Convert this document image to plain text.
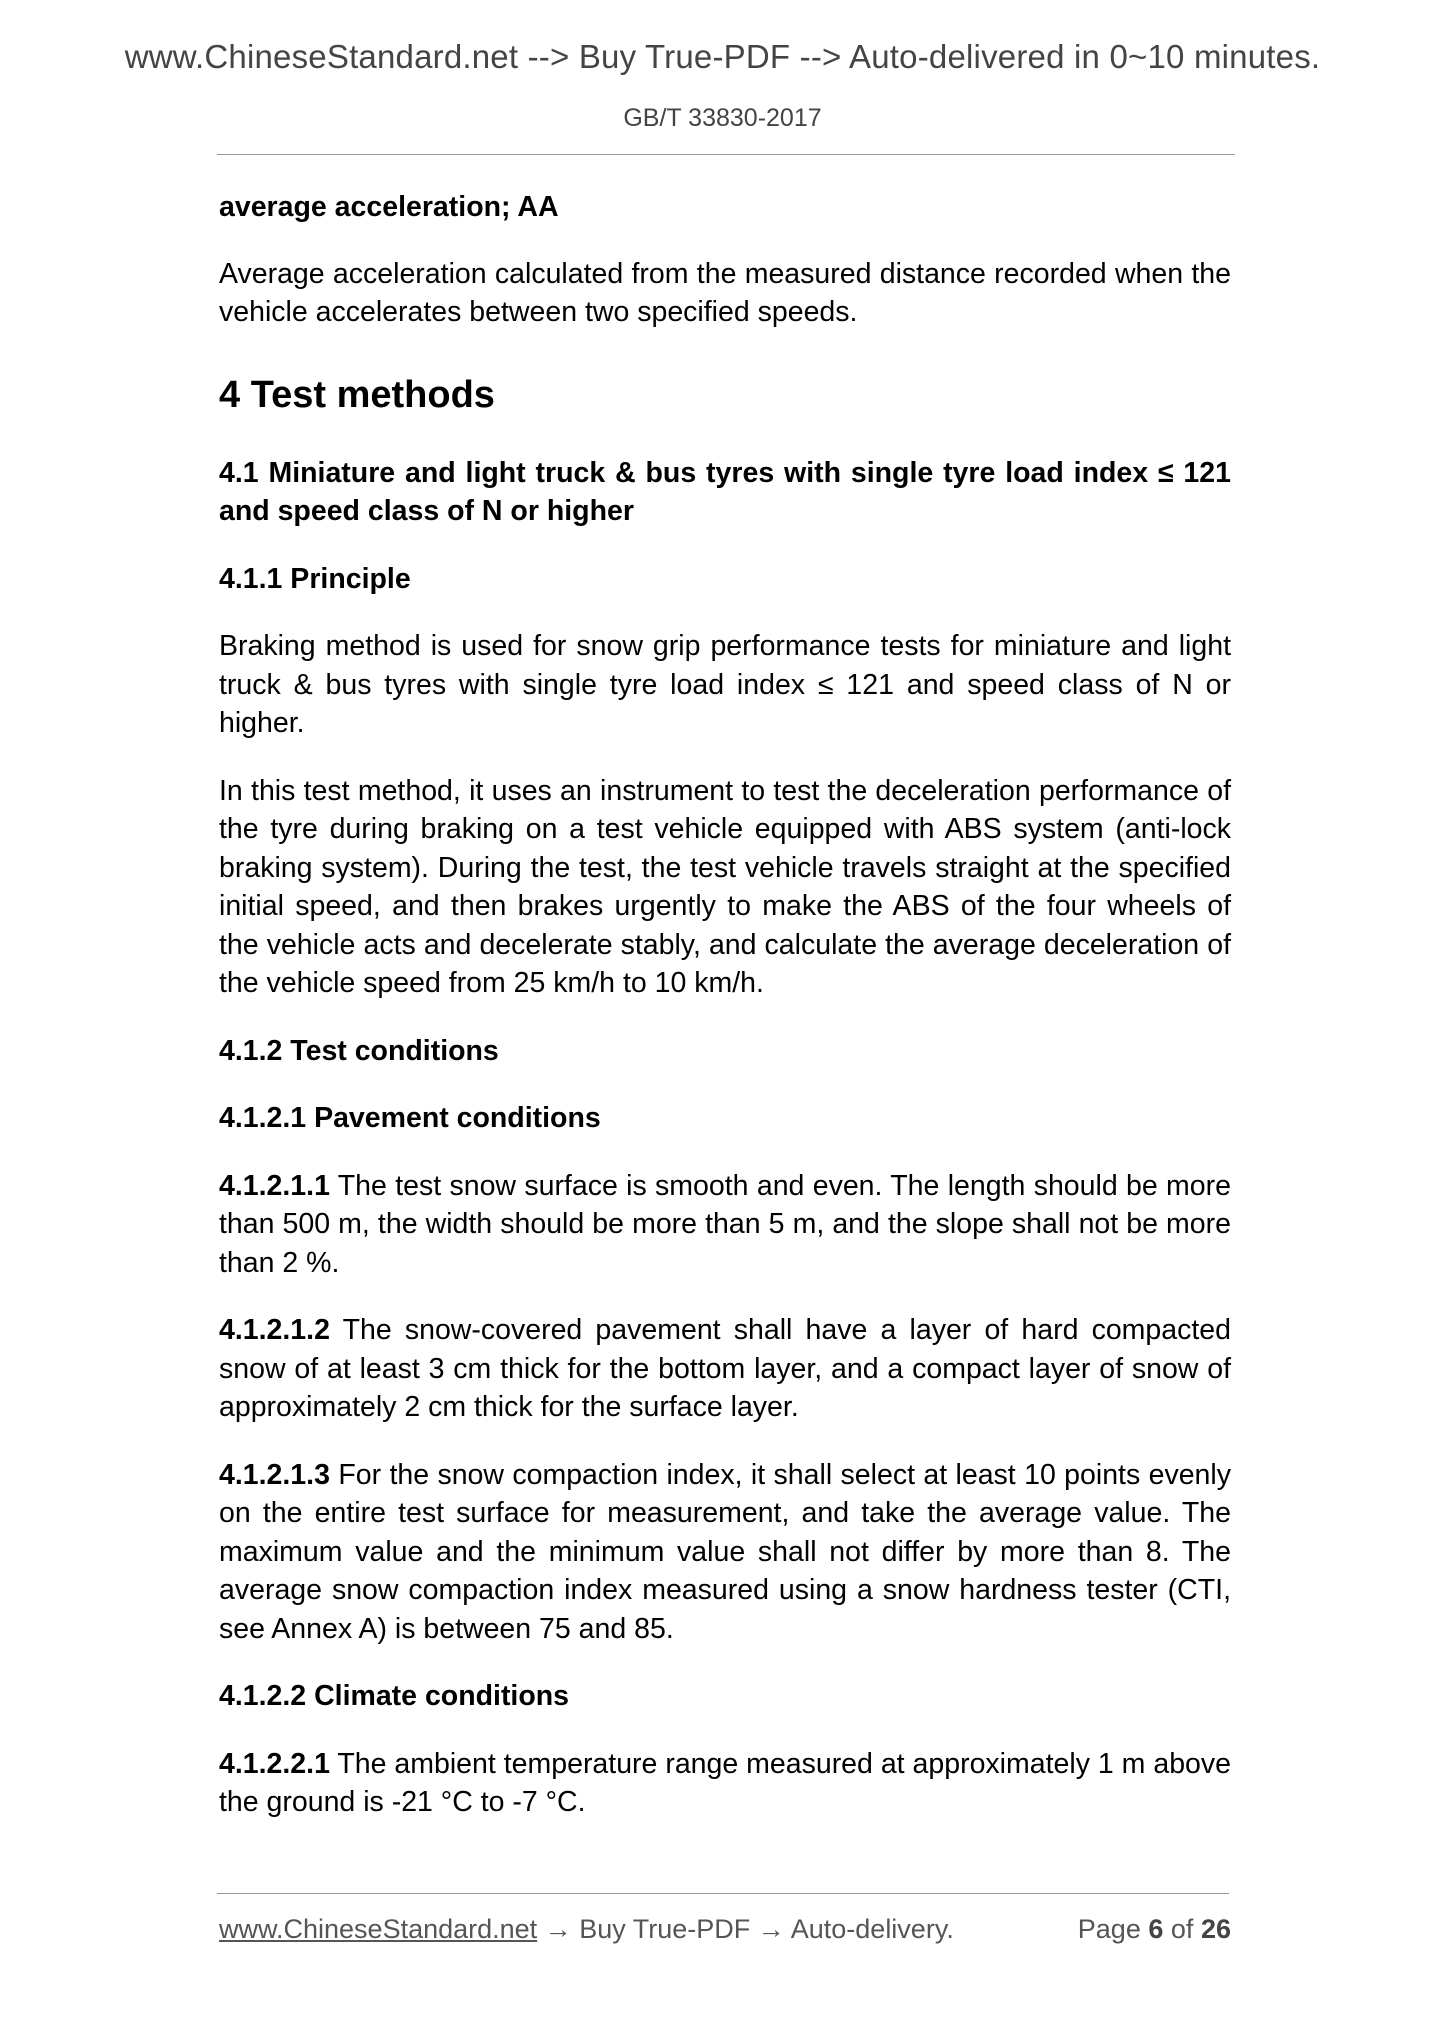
www.ChineseStandard.net --> Buy True-PDF --> Auto-delivered in 0~10 minutes.
GB/T 33830-2017

average acceleration; AA

Average acceleration calculated from the measured distance recorded when the vehicle accelerates between two specified speeds.

4 Test methods
4.1 Miniature and light truck & bus tyres with single tyre load index ≤ 121 and speed class of N or higher
4.1.1 Principle

Braking method is used for snow grip performance tests for miniature and light truck & bus tyres with single tyre load index ≤ 121 and speed class of N or higher.

In this test method, it uses an instrument to test the deceleration performance of the tyre during braking on a test vehicle equipped with ABS system (anti-lock braking system). During the test, the test vehicle travels straight at the specified initial speed, and then brakes urgently to make the ABS of the four wheels of the vehicle acts and decelerate stably, and calculate the average deceleration of the vehicle speed from 25 km/h to 10 km/h.

4.1.2 Test conditions
4.1.2.1 Pavement conditions

4.1.2.1.1 The test snow surface is smooth and even. The length should be more than 500 m, the width should be more than 5 m, and the slope shall not be more than 2 %.

4.1.2.1.2 The snow-covered pavement shall have a layer of hard compacted snow of at least 3 cm thick for the bottom layer, and a compact layer of snow of approximately 2 cm thick for the surface layer.

4.1.2.1.3 For the snow compaction index, it shall select at least 10 points evenly on the entire test surface for measurement, and take the average value. The maximum value and the minimum value shall not differ by more than 8. The average snow compaction index measured using a snow hardness tester (CTI, see Annex A) is between 75 and 85.

4.1.2.2 Climate conditions

4.1.2.2.1 The ambient temperature range measured at approximately 1 m above the ground is -21 °C to -7 °C.

www.ChineseStandard.net → Buy True-PDF → Auto-delivery.	Page 6 of 26
